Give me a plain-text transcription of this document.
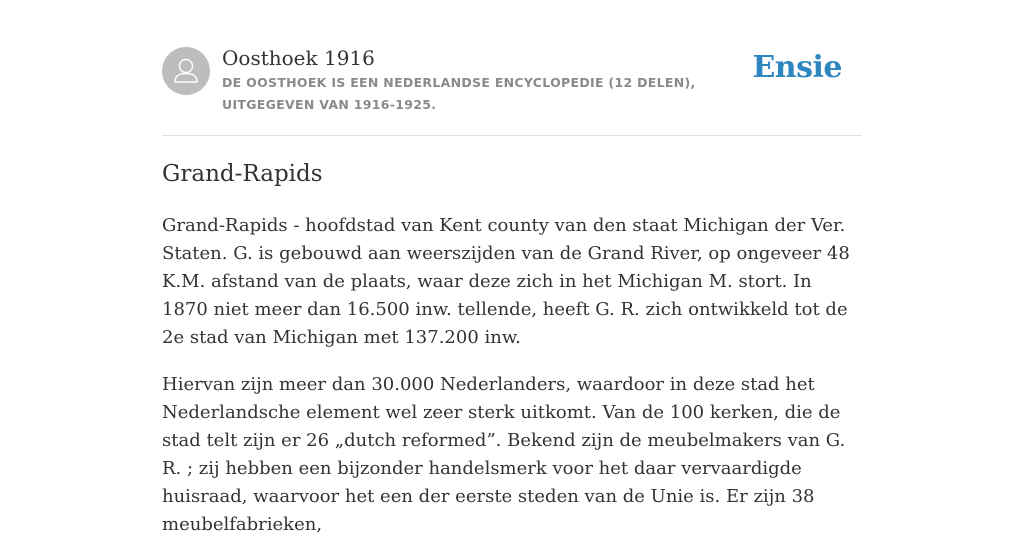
Oosthoek 1916
DE OOSTHOEK IS EEN NEDERLANDSE ENCYCLOPEDIE (12 DELEN), UITGEGEVEN VAN 1916-1925.
Ensie
Grand-Rapids

Grand-Rapids - hoofdstad van Kent county van den staat Michigan der Ver. Staten. G. is gebouwd aan weerszijden van de Grand River, op ongeveer 48 K.M. afstand van de plaats, waar deze zich in het Michigan M. stort. In 1870 niet meer dan 16.500 inw. tellende, heeft G. R. zich ontwikkeld tot de 2e stad van Michigan met 137.200 inw.

Hiervan zijn meer dan 30.000 Nederlanders, waardoor in deze stad het Nederlandsche element wel zeer sterk uitkomt. Van de 100 kerken, die de stad telt zijn er 26 „dutch reformed”. Bekend zijn de meubelmakers van G. R. ; zij hebben een bijzonder handelsmerk voor het daar vervaardigde huisraad, waarvoor het een der eerste steden van de Unie is. Er zijn 38 meubelfabrieken,
